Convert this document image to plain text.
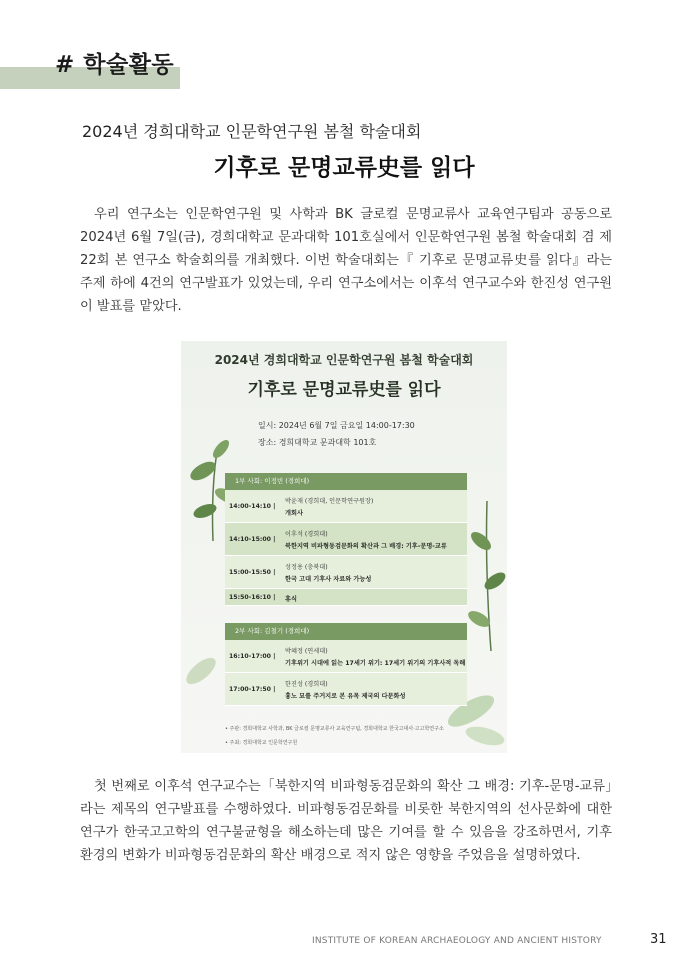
# 학술활동
2024년 경희대학교 인문학연구원 봄철 학술대회
기후로 문명교류史를 읽다

우리 연구소는 인문학연구원 및 사학과 BK 글로컬 문명교류사 교육연구팀과 공동으로 2024년 6월 7일(금), 경희대학교 문과대학 101호실에서 인문학연구원 봄철 학술대회 겸 제22회 본 연구소 학술회의를 개최했다. 이번 학술대회는『 기후로 문명교류史를 읽다』라는 주제 하에 4건의 연구발표가 있었는데, 우리 연구소에서는 이후석 연구교수와 한진성 연구원이 발표를 맡았다.

2024년 경희대학교 인문학연구원 봄철 학술대회
기후로 문명교류史를 읽다
일시: 2024년 6월 7일 금요일 14:00-17:30
장소: 경희대학교 문과대학 101호
1부 사회: 이정빈 (경희대)
14:00-14:10 |
박윤재 (경희대, 인문학연구원장)
개회사
14:10-15:00 |
이후석 (경희대)
북한지역 비파형동검문화의 확산과 그 배경: 기후-문명-교류
15:00-15:50 |
성정용 (충북대)
한국 고대 기후사 자료와 가능성
15:50-16:10 | 휴식
2부 사회: 김철기 (경희대)
16:10-17:00 |
박혜정 (연세대)
기후위기 시대에 읽는 17세기 위기: 17세기 위기의 기후사적 독해
17:00-17:50 |
한진성 (경희대)
흉노 묘를 주거지로 본 유목 제국의 다문화성
• 주관: 경희대학교 사학과, BK 글로컬 문명교류사 교육연구팀, 경희대학교 한국고대사·고고학연구소
• 주최: 경희대학교 인문학연구원

첫 번째로 이후석 연구교수는「북한지역 비파형동검문화의 확산 그 배경: 기후-문명-교류」라는 제목의 연구발표를 수행하였다. 비파형동검문화를 비롯한 북한지역의 선사문화에 대한 연구가 한국고고학의 연구불균형을 해소하는데 많은 기여를 할 수 있음을 강조하면서, 기후 환경의 변화가 비파형동검문화의 확산 배경으로 적지 않은 영향을 주었음을 설명하였다.

INSTITUTE OF KOREAN ARCHAEOLOGY AND ANCIENT HISTORY	31
